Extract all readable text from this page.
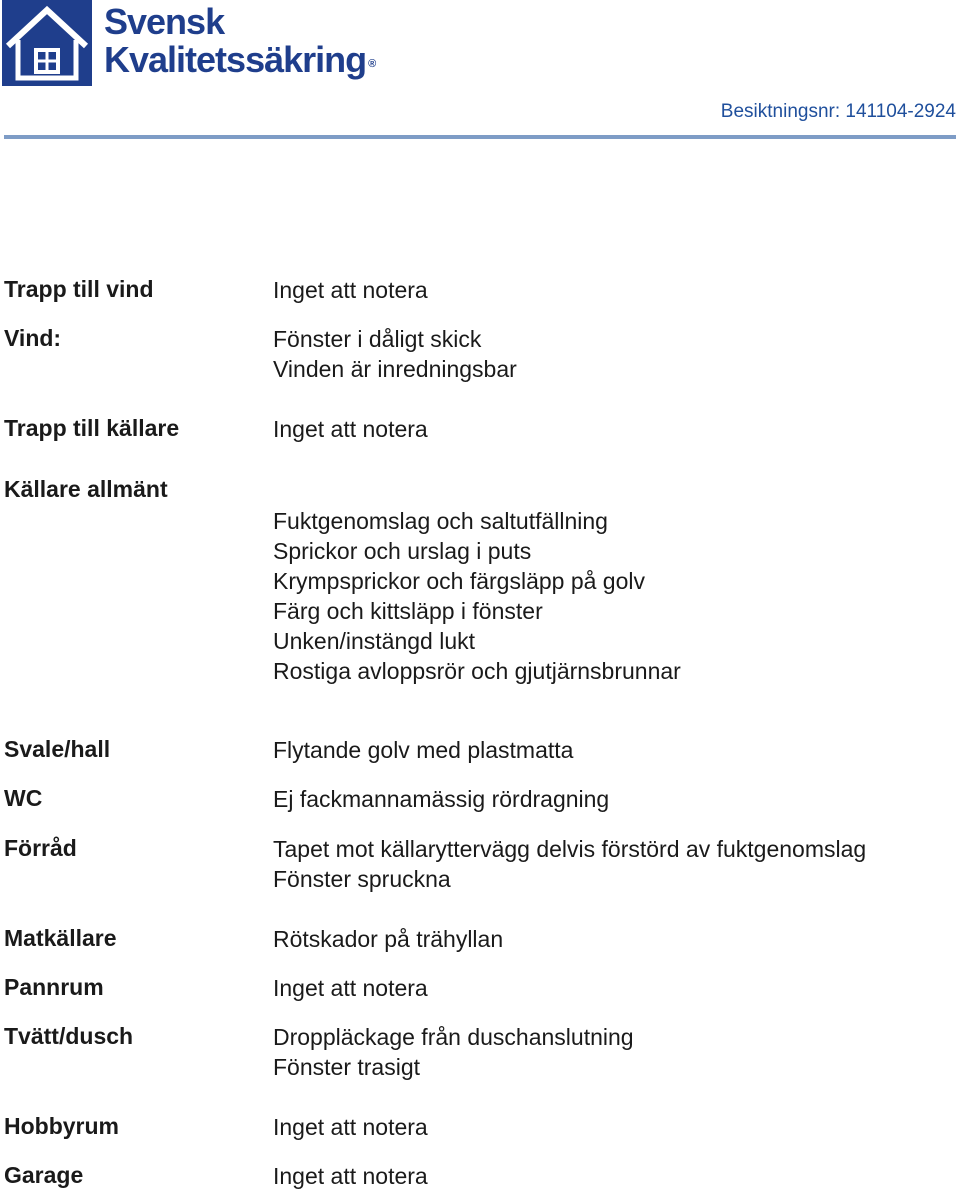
Svensk
Kvalitetssäkring ®
Besiktningsnr: 141104-2924
Trapp till vind	Inget att notera
Vind:	Fönster i dåligt skick
Vinden är inredningsbar
Trapp till källare	Inget att notera
Källare allmänt
Fuktgenomslag och saltutfällning
Sprickor och urslag i puts
Krympsprickor och färgsläpp på golv
Färg och kittsläpp i fönster
Unken/instängd lukt
Rostiga avloppsrör och gjutjärnsbrunnar
Svale/hall	Flytande golv med plastmatta
WC	Ej fackmannamässig rördragning
Förråd	Tapet mot källaryttervägg delvis förstörd av fuktgenomslag
Fönster spruckna
Matkällare	Rötskador på trähyllan
Pannrum	Inget att notera
Tvätt/dusch	Droppläckage från duschanslutning
Fönster trasigt
Hobbyrum	Inget att notera
Garage	Inget att notera
